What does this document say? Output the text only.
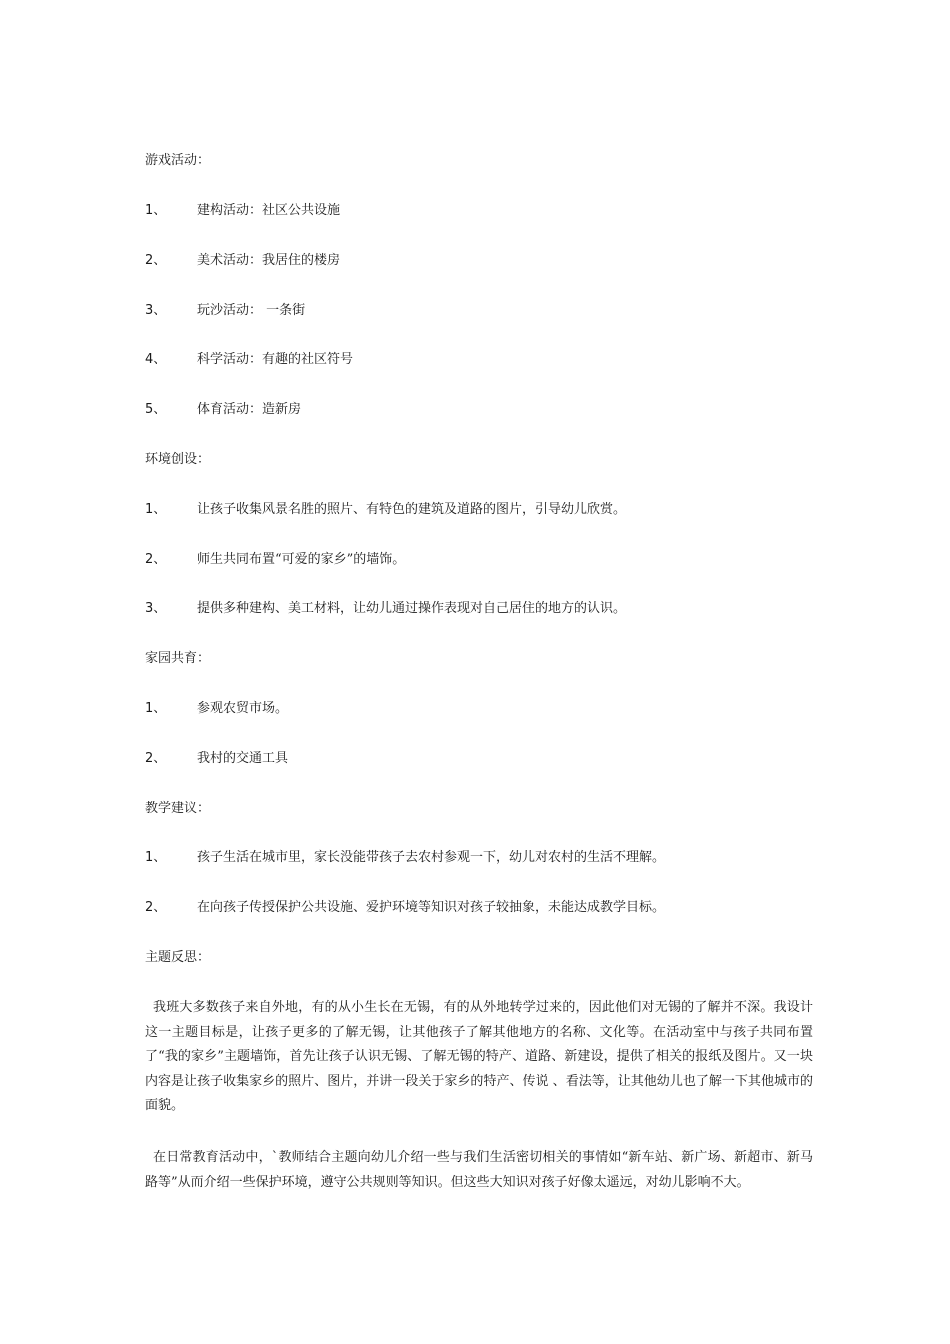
游戏活动：
1、 建构活动：社区公共设施
2、 美术活动：我居住的楼房
3、 玩沙活动： 一条街
4、 科学活动：有趣的社区符号
5、 体育活动：造新房
环境创设：
1、 让孩子收集风景名胜的照片、有特色的建筑及道路的图片，引导幼儿欣赏。
2、 师生共同布置“可爱的家乡”的墙饰。
3、 提供多种建构、美工材料，让幼儿通过操作表现对自己居住的地方的认识。
家园共育：
1、 参观农贸市场。
2、 我村的交通工具
教学建议：
1、 孩子生活在城市里，家长没能带孩子去农村参观一下，幼儿对农村的生活不理解。
2、 在向孩子传授保护公共设施、爱护环境等知识对孩子较抽象，未能达成教学目标。
主题反思：
我班大多数孩子来自外地，有的从小生长在无锡，有的从外地转学过来的，因此他们对无锡的了解并不深。我设计这一主题目标是，让孩子更多的了解无锡，让其他孩子了解其他地方的名称、文化等。在活动室中与孩子共同布置了“我的家乡”主题墙饰，首先让孩子认识无锡、了解无锡的特产、道路、新建设，提供了相关的报纸及图片。又一块内容是让孩子收集家乡的照片、图片，并讲一段关于家乡的特产、传说 、看法等，让其他幼儿也了解一下其他城市的面貌。
在日常教育活动中，`教师结合主题向幼儿介绍一些与我们生活密切相关的事情如“新车站、新广场、新超市、新马路等”从而介绍一些保护环境，遵守公共规则等知识。但这些大知识对孩子好像太遥远，对幼儿影响不大。
